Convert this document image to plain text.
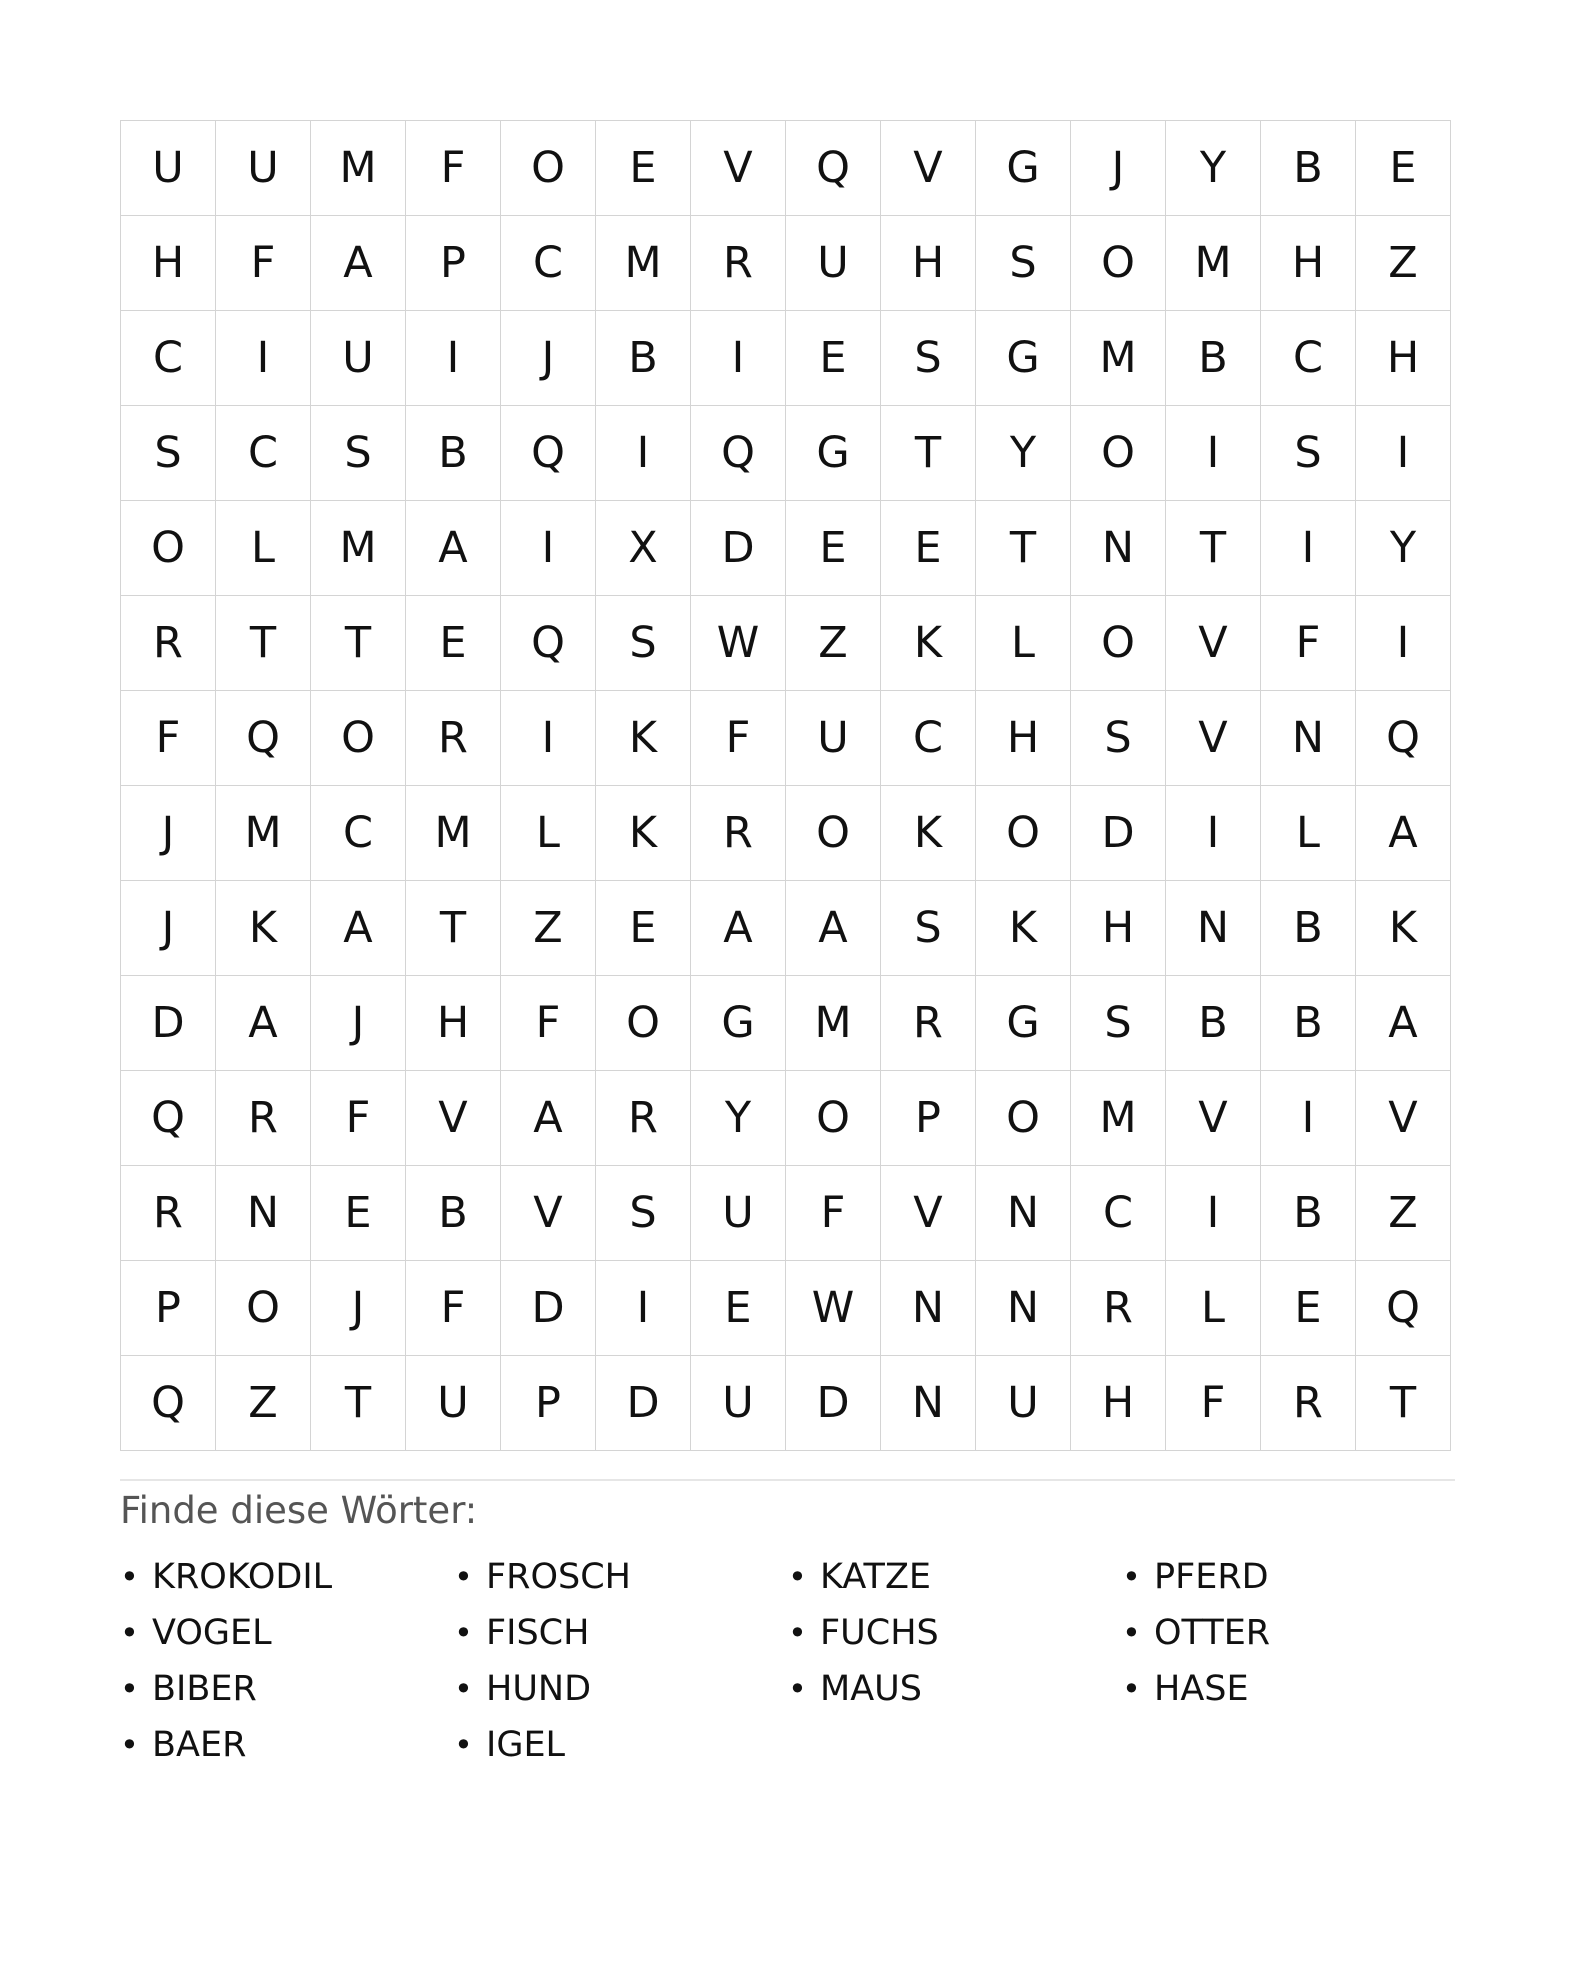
U	U	M	F	O	E	V	Q	V	G	J	Y	B	E
H	F	A	P	C	M	R	U	H	S	O	M	H	Z
C	I	U	I	J	B	I	E	S	G	M	B	C	H
S	C	S	B	Q	I	Q	G	T	Y	O	I	S	I
O	L	M	A	I	X	D	E	E	T	N	T	I	Y
R	T	T	E	Q	S	W	Z	K	L	O	V	F	I
F	Q	O	R	I	K	F	U	C	H	S	V	N	Q
J	M	C	M	L	K	R	O	K	O	D	I	L	A
J	K	A	T	Z	E	A	A	S	K	H	N	B	K
D	A	J	H	F	O	G	M	R	G	S	B	B	A
Q	R	F	V	A	R	Y	O	P	O	M	V	I	V
R	N	E	B	V	S	U	F	V	N	C	I	B	Z
P	O	J	F	D	I	E	W	N	N	R	L	E	Q
Q	Z	T	U	P	D	U	D	N	U	H	F	R	T
Finde diese Wörter:
• KROKODIL	• FROSCH	• KATZE	• PFERD
• VOGEL	• FISCH	• FUCHS	• OTTER
• BIBER	• HUND	• MAUS	• HASE
• BAER	• IGEL
